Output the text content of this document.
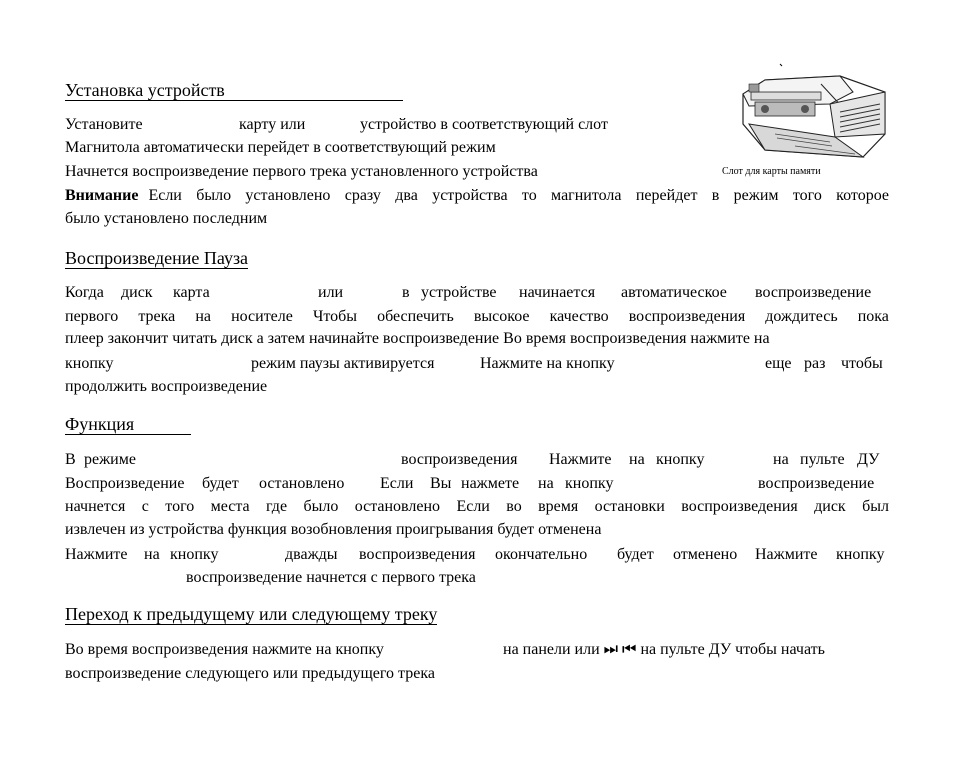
Установка устройств
Установите	карту или	устройство в соответствующий слот
Магнитола автоматически перейдет в соответствующий режим
Начнется воспроизведение первого трека установленного устройства
Внимание Если было установлено сразу два устройства то магнитола перейдет в режим того которое
было установлено последним
Слот для карты памяти
Воспроизведение Пауза
Когда диск карта	или	в устройстве начинается автоматическое воспроизведение
первого трека на носителе Чтобы обеспечить высокое качество воспроизведения дождитесь пока
плеер закончит читать диск а затем начинайте воспроизведение Во время воспроизведения нажмите на
кнопку	режим паузы активируется	Нажмите на кнопку	еще раз чтобы
продолжить воспроизведение
Функция
В режиме	воспроизведения Нажмите на кнопку	на пульте ДУ
Воспроизведение будет остановлено Если Вы нажмете на кнопку	воспроизведение
начнется с того места где было остановлено Если во время остановки воспроизведения диск был
извлечен из устройства функция возобновления проигрывания будет отменена
Нажмите на кнопку	дважды воспроизведения окончательно будет отменено Нажмите кнопку
воспроизведение начнется с первого трека
Переход к предыдущему или следующему треку
Во время воспроизведения нажмите на кнопку	на панели или ⏭ ⏮ на пульте ДУ чтобы начать
воспроизведение следующего или предыдущего трека
